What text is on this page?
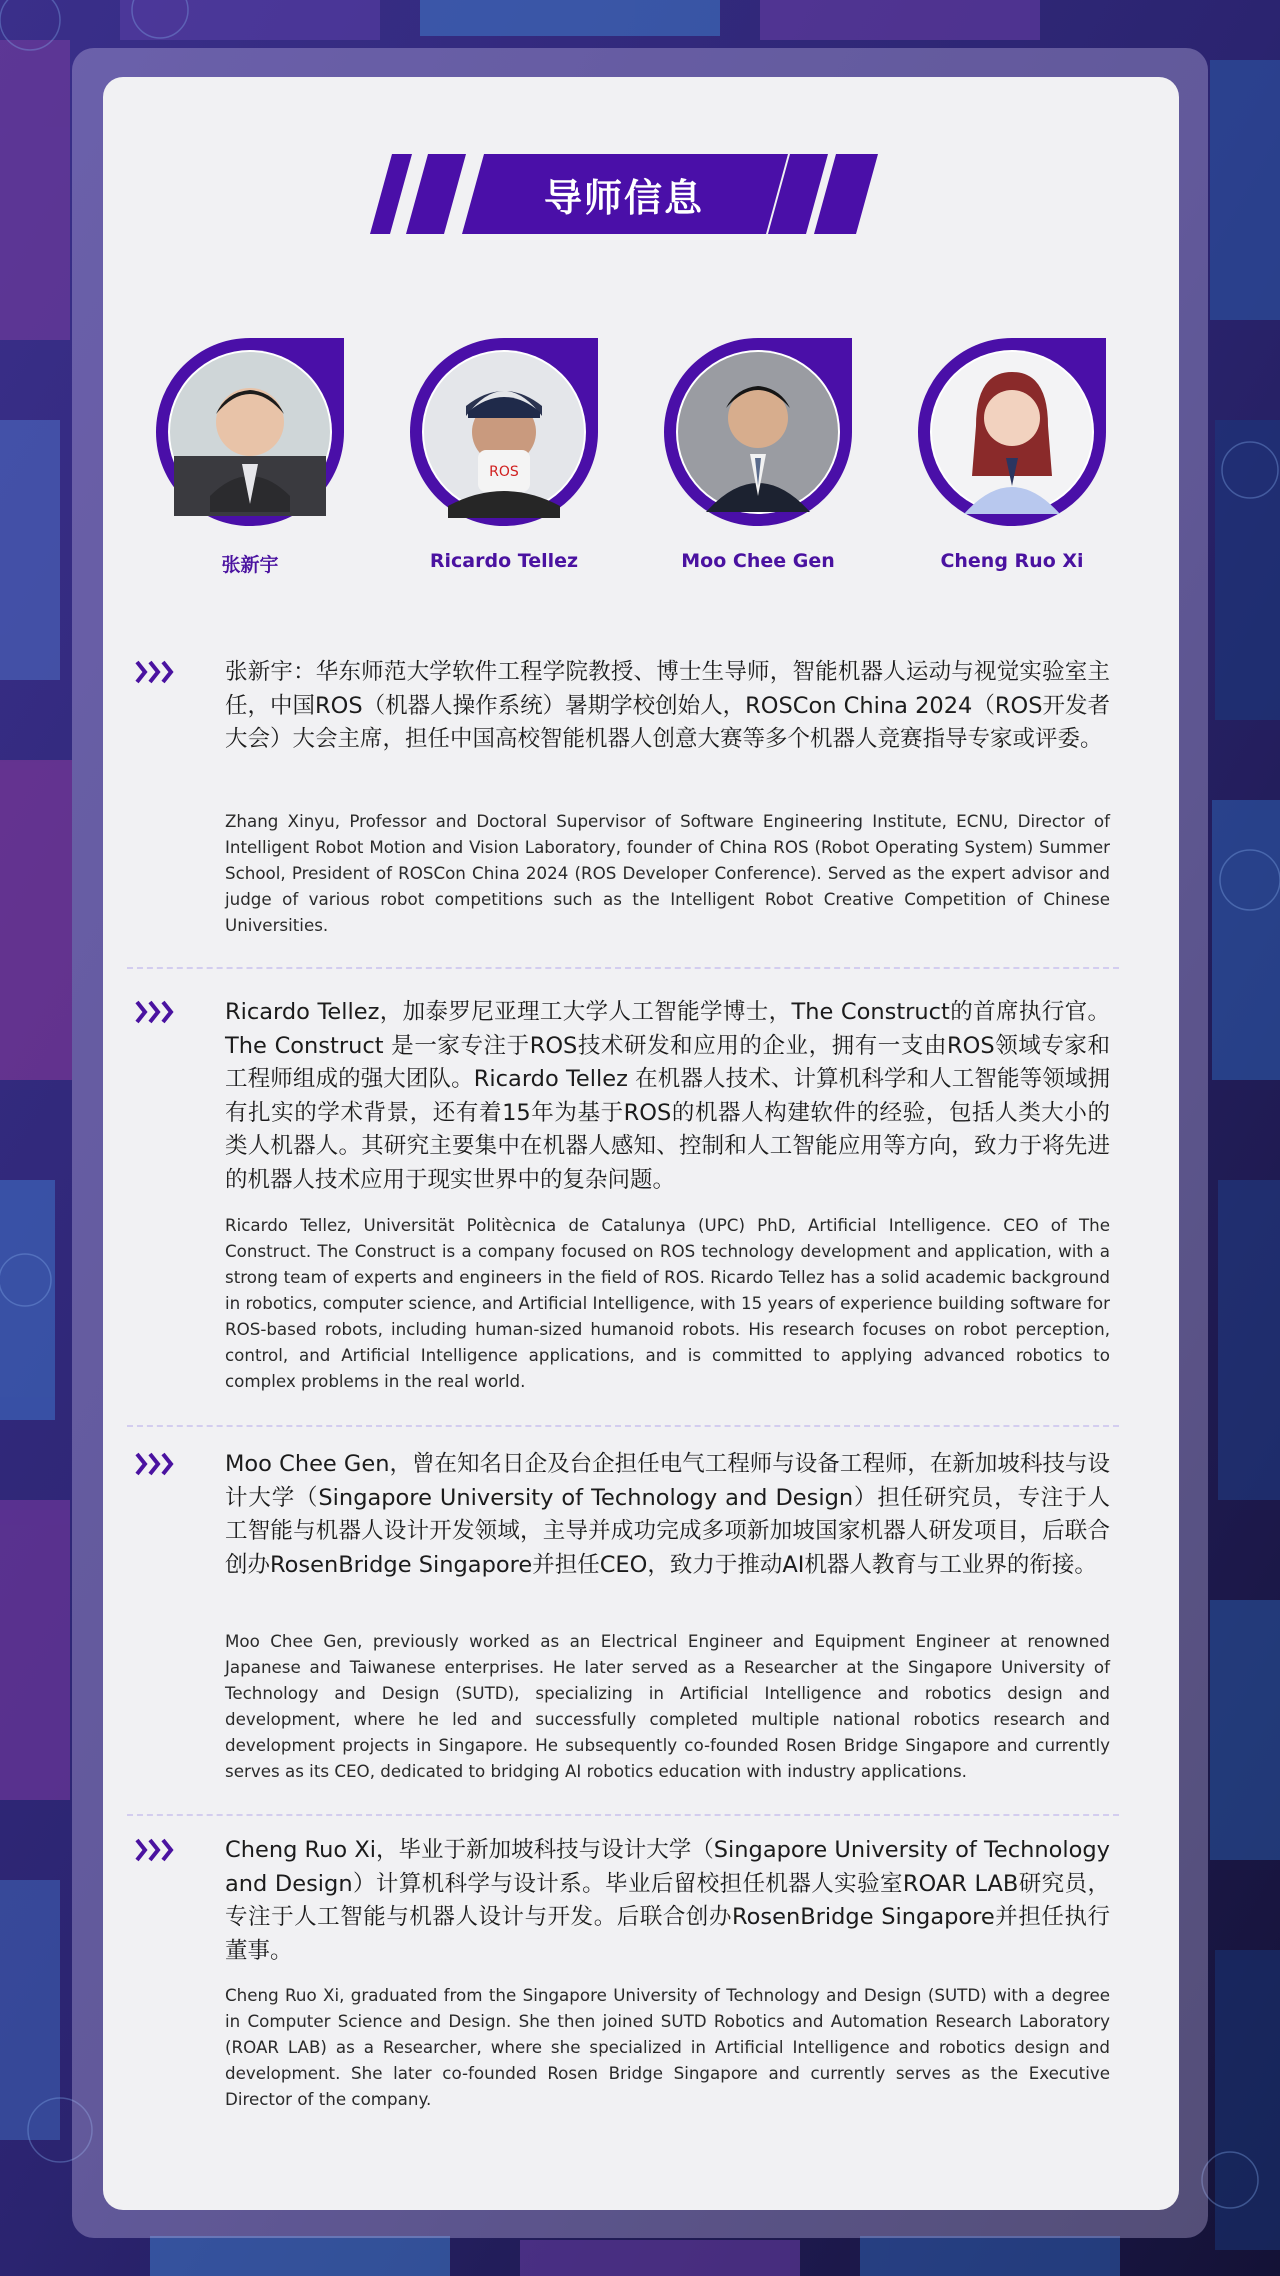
导师信息
张新宇
ROS
Ricardo Tellez	Moo Chee Gen	Cheng Ruo Xi

张新宇：华东师范大学软件工程学院教授、博士生导师，智能机器人运动与视觉实验室主任，中国ROS（机器人操作系统）暑期学校创始人，ROSCon China 2024（ROS开发者大会）大会主席，担任中国高校智能机器人创意大赛等多个机器人竞赛指导专家或评委。

Zhang Xinyu, Professor and Doctoral Supervisor of Software Engineering Institute, ECNU, Director of Intelligent Robot Motion and Vision Laboratory, founder of China ROS (Robot Operating System) Summer School, President of ROSCon China 2024 (ROS Developer Conference). Served as the expert advisor and judge of various robot competitions such as the Intelligent Robot Creative Competition of Chinese Universities.

Ricardo Tellez，加泰罗尼亚理工大学人工智能学博士，The Construct的首席执行官。The Construct 是一家专注于ROS技术研发和应用的企业，拥有一支由ROS领域专家和工程师组成的强大团队。Ricardo Tellez 在机器人技术、计算机科学和人工智能等领域拥有扎实的学术背景，还有着15年为基于ROS的机器人构建软件的经验，包括人类大小的类人机器人。其研究主要集中在机器人感知、控制和人工智能应用等方向，致力于将先进的机器人技术应用于现实世界中的复杂问题。

Ricardo Tellez, Universität Politècnica de Catalunya (UPC) PhD, Artificial Intelligence. CEO of The Construct. The Construct is a company focused on ROS technology development and application, with a strong team of experts and engineers in the field of ROS. Ricardo Tellez has a solid academic background in robotics, computer science, and Artificial Intelligence, with 15 years of experience building software for ROS-based robots, including human-sized humanoid robots. His research focuses on robot perception, control, and Artificial Intelligence applications, and is committed to applying advanced robotics to complex problems in the real world.

Moo Chee Gen，曾在知名日企及台企担任电气工程师与设备工程师，在新加坡科技与设计大学（Singapore University of Technology and Design）担任研究员，专注于人工智能与机器人设计开发领域，主导并成功完成多项新加坡国家机器人研发项目，后联合创办RosenBridge Singapore并担任CEO，致力于推动AI机器人教育与工业界的衔接。

Moo Chee Gen, previously worked as an Electrical Engineer and Equipment Engineer at renowned Japanese and Taiwanese enterprises. He later served as a Researcher at the Singapore University of Technology and Design (SUTD), specializing in Artificial Intelligence and robotics design and development, where he led and successfully completed multiple national robotics research and development projects in Singapore. He subsequently co-founded Rosen Bridge Singapore and currently serves as its CEO, dedicated to bridging AI robotics education with industry applications.

Cheng Ruo Xi，毕业于新加坡科技与设计大学（Singapore University of Technology and Design）计算机科学与设计系。毕业后留校担任机器人实验室ROAR LAB研究员，专注于人工智能与机器人设计与开发。后联合创办RosenBridge Singapore并担任执行董事。

Cheng Ruo Xi, graduated from the Singapore University of Technology and Design (SUTD) with a degree in Computer Science and Design. She then joined SUTD Robotics and Automation Research Laboratory (ROAR LAB) as a Researcher, where she specialized in Artificial Intelligence and robotics design and development. She later co-founded Rosen Bridge Singapore and currently serves as the Executive Director of the company.
